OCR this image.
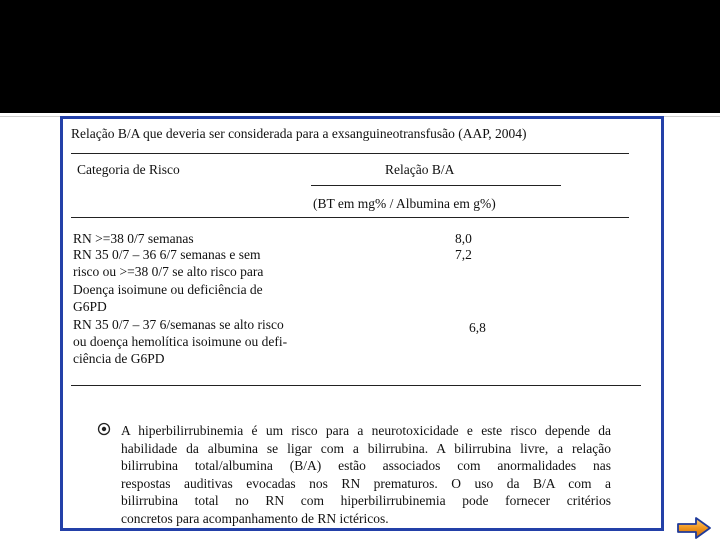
Relação B/A que deveria ser considerada para a exsanguineotransfusão (AAP, 2004)
Categoria de Risco	Relação B/A
(BT em mg% / Albumina em g%)
RN >=38 0/7 semanas	8,0
RN 35 0/7 – 36 6/7 semanas e sem
risco ou >=38 0/7 se alto risco para
Doença isoimune ou deficiência de
G6PD
7,2
RN 35 0/7 – 37 6/semanas se alto risco
ou doença hemolítica isoimune ou defi-
ciência de G6PD
6,8
A hiperbilirrubinemia é um risco para a neurotoxicidade e este risco depende da
habilidade da albumina se ligar com a bilirrubina. A bilirrubina livre, a relação
bilirrubina total/albumina (B/A) estão associados com anormalidades nas
respostas auditivas evocadas nos RN prematuros. O uso da B/A com a
bilirrubina total no RN com hiperbilirrubinemia pode fornecer critérios
concretos para acompanhamento de RN ictéricos.
